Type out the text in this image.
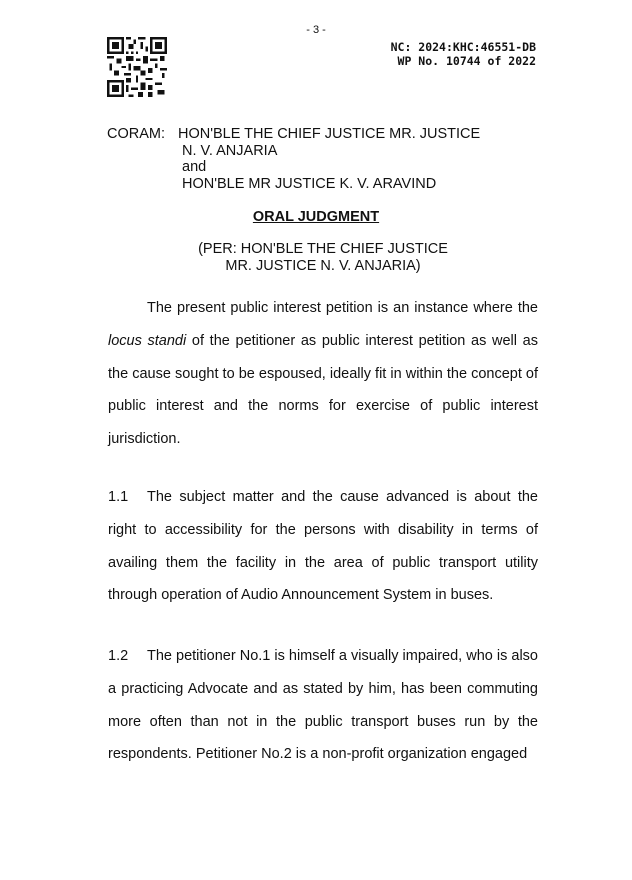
- 3 -
NC: 2024:KHC:46551-DB
WP No. 10744 of 2022
CORAM: HON'BLE THE CHIEF JUSTICE MR. JUSTICE
N. V. ANJARIA
and
HON'BLE MR JUSTICE K. V. ARAVIND
ORAL JUDGMENT
(PER: HON'BLE THE CHIEF JUSTICE
MR. JUSTICE N. V. ANJARIA)

The present public interest petition is an instance where the locus standi of the petitioner as public interest petition as well as the cause sought to be espoused, ideally fit in within the concept of public interest and the norms for exercise of public interest jurisdiction.

1.1 The subject matter and the cause advanced is about the right to accessibility for the persons with disability in terms of availing them the facility in the area of public transport utility through operation of Audio Announcement System in buses.

1.2 The petitioner No.1 is himself a visually impaired, who is also a practicing Advocate and as stated by him, has been commuting more often than not in the public transport buses run by the respondents. Petitioner No.2 is a non-profit organization engaged
